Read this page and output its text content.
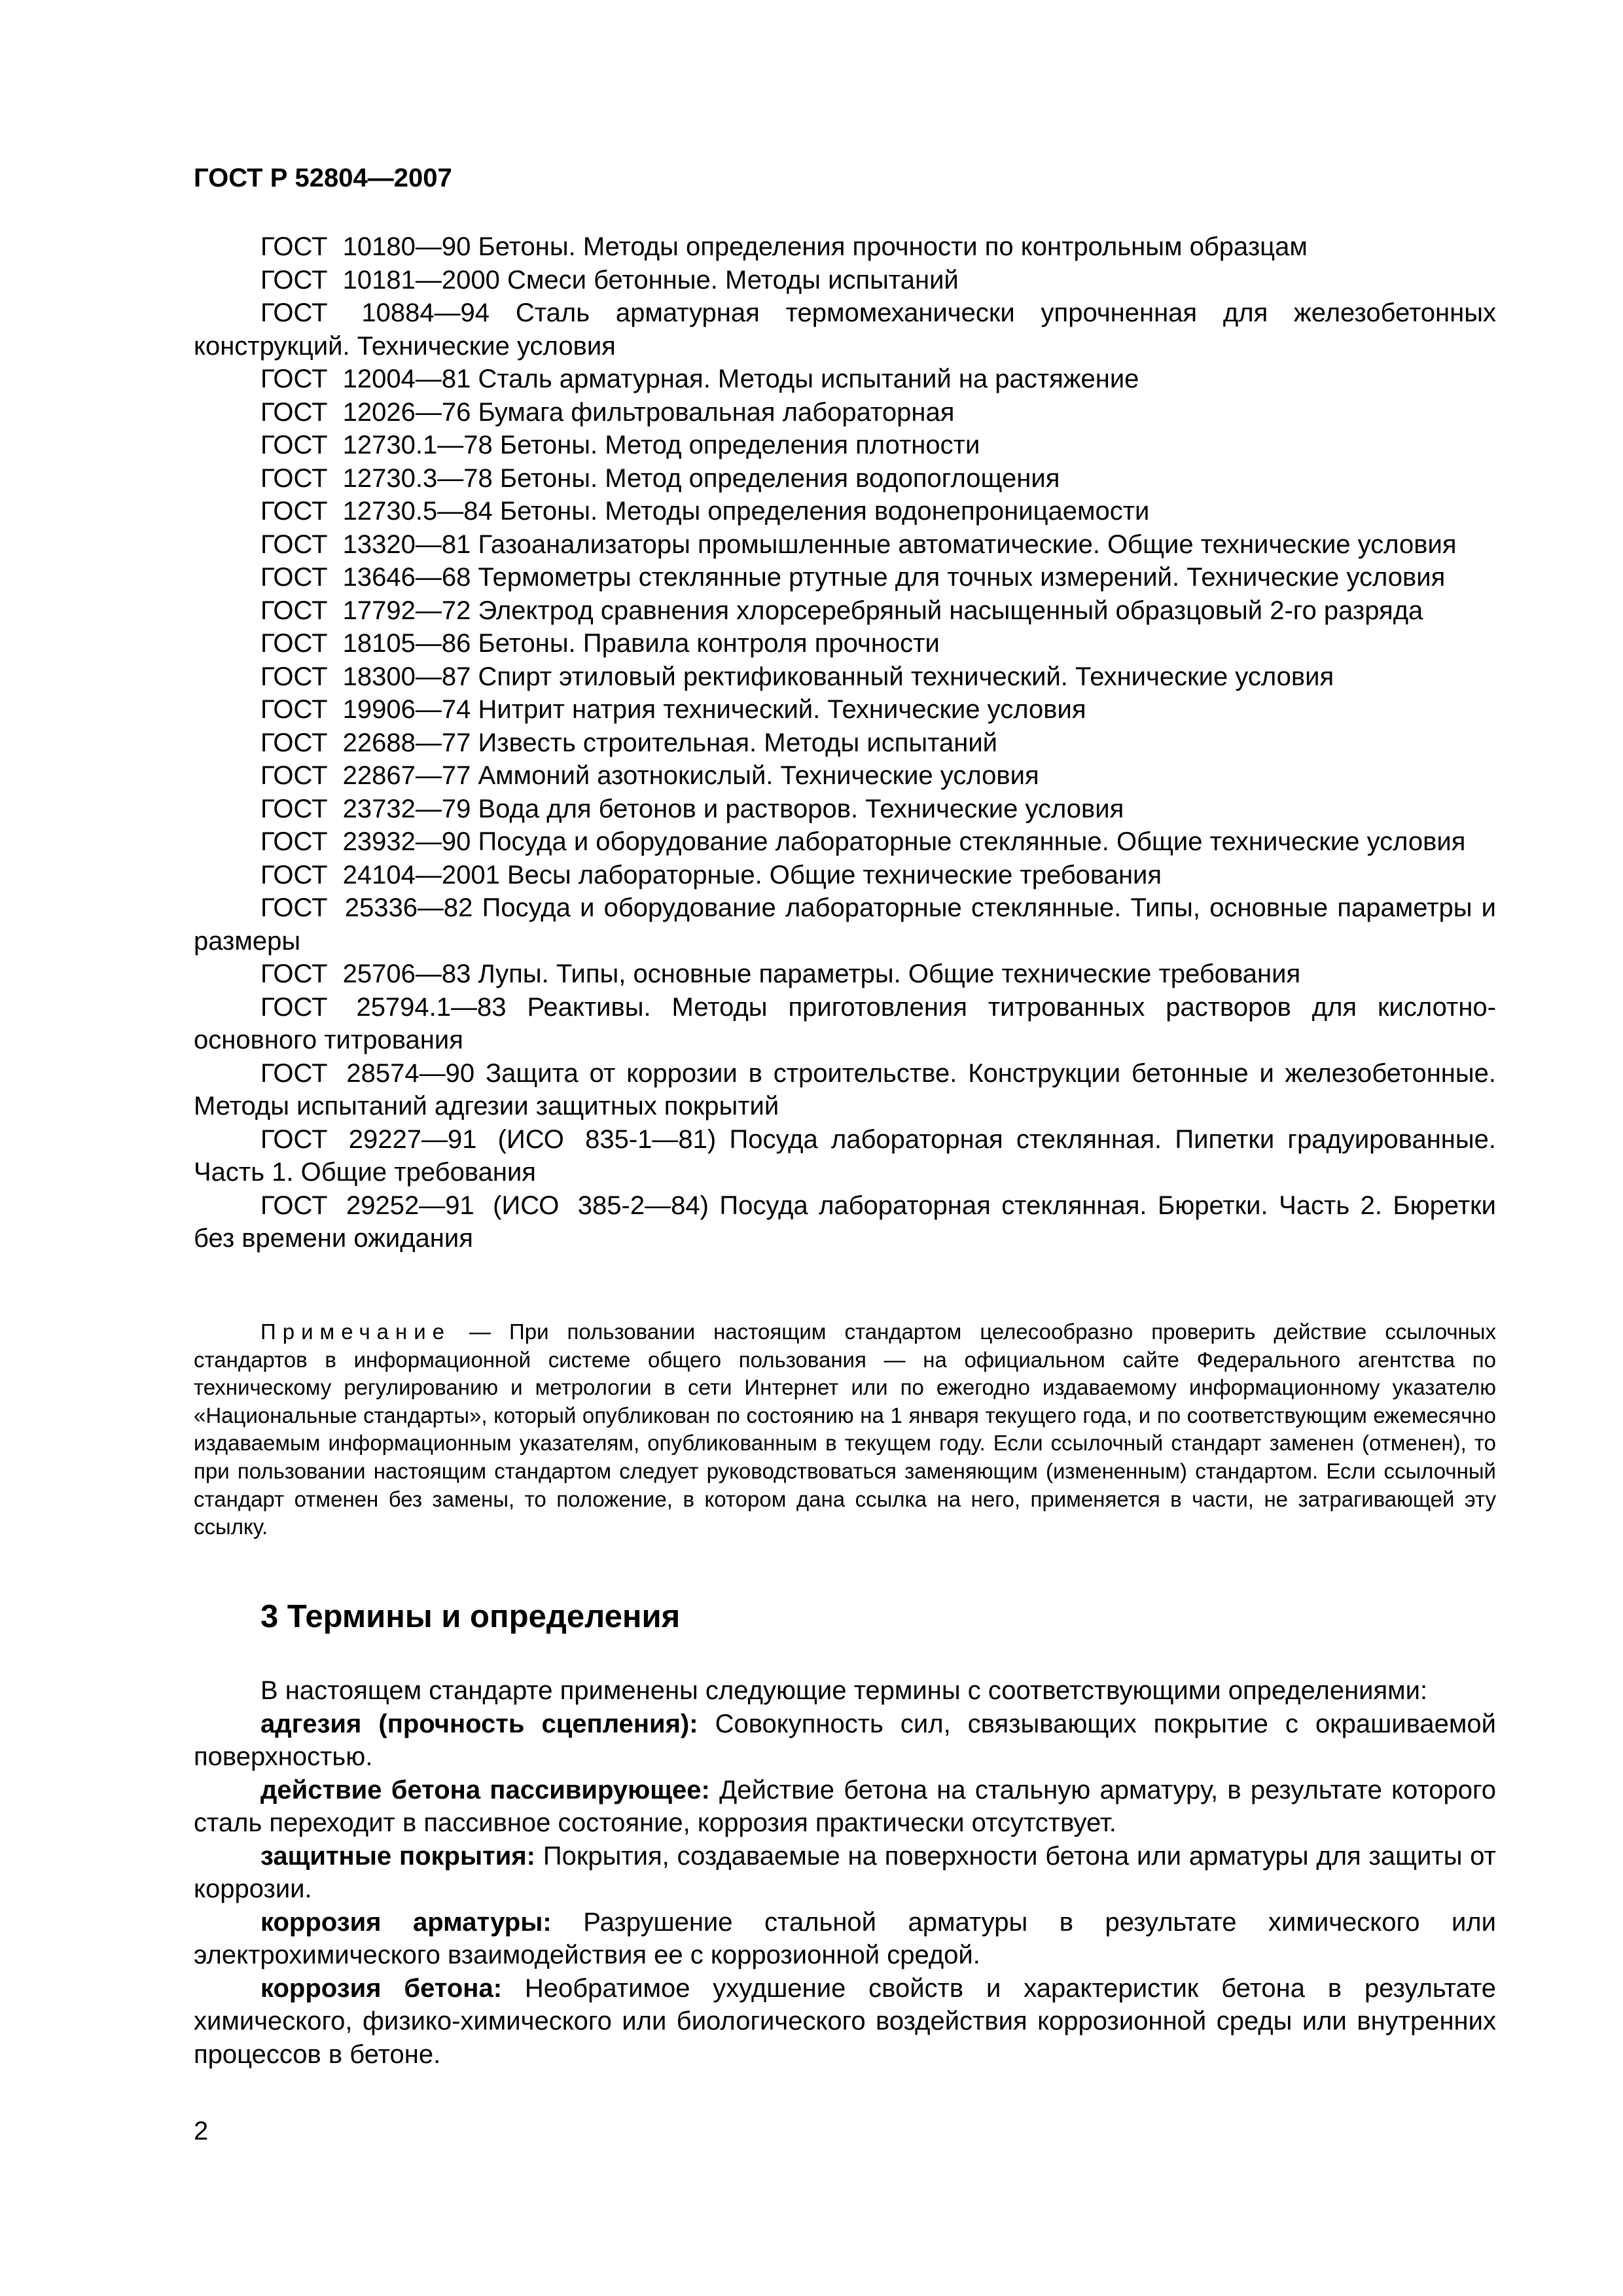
ГОСТ Р 52804—2007

ГОСТ 10180—90 Бетоны. Методы определения прочности по контрольным образцам

ГОСТ 10181—2000 Смеси бетонные. Методы испытаний

ГОСТ 10884—94 Сталь арматурная термомеханически упрочненная для железобетонных конструкций. Технические условия

ГОСТ 12004—81 Сталь арматурная. Методы испытаний на растяжение

ГОСТ 12026—76 Бумага фильтровальная лабораторная

ГОСТ 12730.1—78 Бетоны. Метод определения плотности

ГОСТ 12730.3—78 Бетоны. Метод определения водопоглощения

ГОСТ 12730.5—84 Бетоны. Методы определения водонепроницаемости

ГОСТ 13320—81 Газоанализаторы промышленные автоматические. Общие технические условия

ГОСТ 13646—68 Термометры стеклянные ртутные для точных измерений. Технические условия

ГОСТ 17792—72 Электрод сравнения хлорсеребряный насыщенный образцовый 2-го разряда

ГОСТ 18105—86 Бетоны. Правила контроля прочности

ГОСТ 18300—87 Спирт этиловый ректификованный технический. Технические условия

ГОСТ 19906—74 Нитрит натрия технический. Технические условия

ГОСТ 22688—77 Известь строительная. Методы испытаний

ГОСТ 22867—77 Аммоний азотнокислый. Технические условия

ГОСТ 23732—79 Вода для бетонов и растворов. Технические условия

ГОСТ 23932—90 Посуда и оборудование лабораторные стеклянные. Общие технические условия

ГОСТ 24104—2001 Весы лабораторные. Общие технические требования

ГОСТ 25336—82 Посуда и оборудование лабораторные стеклянные. Типы, основные параметры и размеры

ГОСТ 25706—83 Лупы. Типы, основные параметры. Общие технические требования

ГОСТ 25794.1—83 Реактивы. Методы приготовления титрованных растворов для кислотно-основного титрования

ГОСТ 28574—90 Защита от коррозии в строительстве. Конструкции бетонные и железобетонные. Методы испытаний адгезии защитных покрытий

ГОСТ 29227—91 (ИСО 835-1—81) Посуда лабораторная стеклянная. Пипетки градуированные. Часть 1. Общие требования

ГОСТ 29252—91 (ИСО 385-2—84) Посуда лабораторная стеклянная. Бюретки. Часть 2. Бюретки без времени ожидания

Примечание — При пользовании настоящим стандартом целесообразно проверить действие ссылочных стандартов в информационной системе общего пользования — на официальном сайте Федерального агентства по техническому регулированию и метрологии в сети Интернет или по ежегодно издаваемому информационному указателю «Национальные стандарты», который опубликован по состоянию на 1 января текущего года, и по соответствующим ежемесячно издаваемым информационным указателям, опубликованным в текущем году. Если ссылочный стандарт заменен (отменен), то при пользовании настоящим стандартом следует руководствоваться заменяющим (измененным) стандартом. Если ссылочный стандарт отменен без замены, то положение, в котором дана ссылка на него, применяется в части, не затрагивающей эту ссылку.
3 Термины и определения

В настоящем стандарте применены следующие термины с соответствующими определениями:

адгезия (прочность сцепления): Совокупность сил, связывающих покрытие с окрашиваемой поверхностью.

действие бетона пассивирующее: Действие бетона на стальную арматуру, в результате которого сталь переходит в пассивное состояние, коррозия практически отсутствует.

защитные покрытия: Покрытия, создаваемые на поверхности бетона или арматуры для защиты от коррозии.

коррозия арматуры: Разрушение стальной арматуры в результате химического или электрохимического взаимодействия ее с коррозионной средой.

коррозия бетона: Необратимое ухудшение свойств и характеристик бетона в результате химического, физико-химического или биологического воздействия коррозионной среды или внутренних процессов в бетоне.

2
